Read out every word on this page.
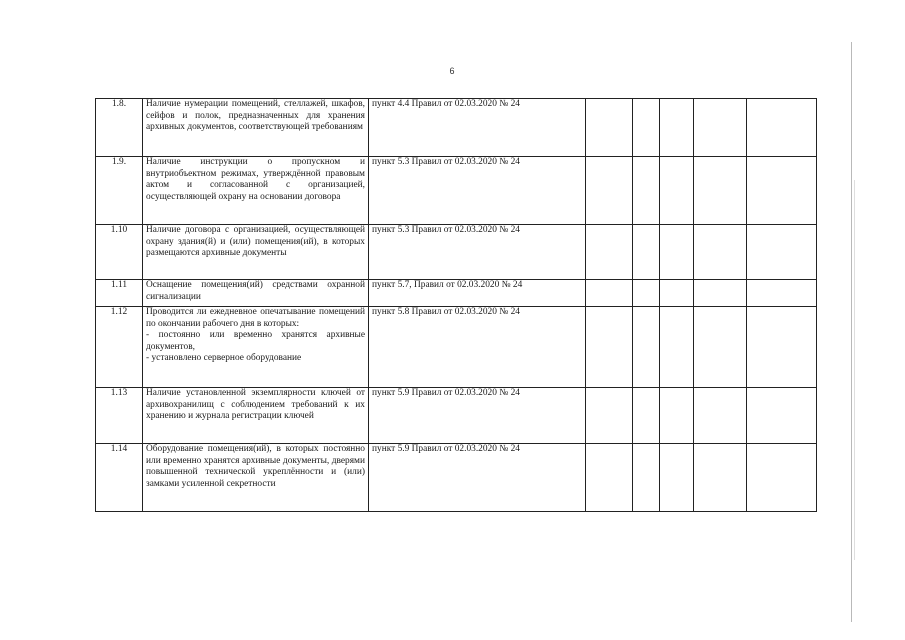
6
1.8.	Наличие нумерации помещений, стеллажей, шкафов, сейфов и полок, предназначенных для хранения архивных документов, соответствующей требованиям	пункт 4.4 Правил от 02.03.2020 № 24					
1.9.	Наличие инструкции о пропускном и внутриобъектном режимах, утверждённой правовым актом и согласованной с организацией, осуществляющей охрану на основании договора	пункт 5.3 Правил от 02.03.2020 № 24					
1.10	Наличие договора с организацией, осуществляющей охрану здания(й) и (или) помещения(ий), в которых размещаются архивные документы	пункт 5.3 Правил от 02.03.2020 № 24					
1.11	Оснащение помещения(ий) средствами охранной сигнализации	пункт 5.7, Правил от 02.03.2020 № 24					
1.12	Проводится ли ежедневное опечатывание помещений по окончании рабочего дня в которых:
- постоянно или временно хранятся архивные документов,
- установлено серверное оборудование	пункт 5.8 Правил от 02.03.2020 № 24					
1.13	Наличие установленной экземплярности ключей от архивохранилищ с соблюдением требований к их хранению и журнала регистрации ключей	пункт 5.9 Правил от 02.03.2020 № 24					
1.14	Оборудование помещения(ий), в которых постоянно или временно хранятся архивные документы, дверями повышенной технической укреплённости и (или) замками усиленной секретности	пункт 5.9 Правил от 02.03.2020 № 24					
